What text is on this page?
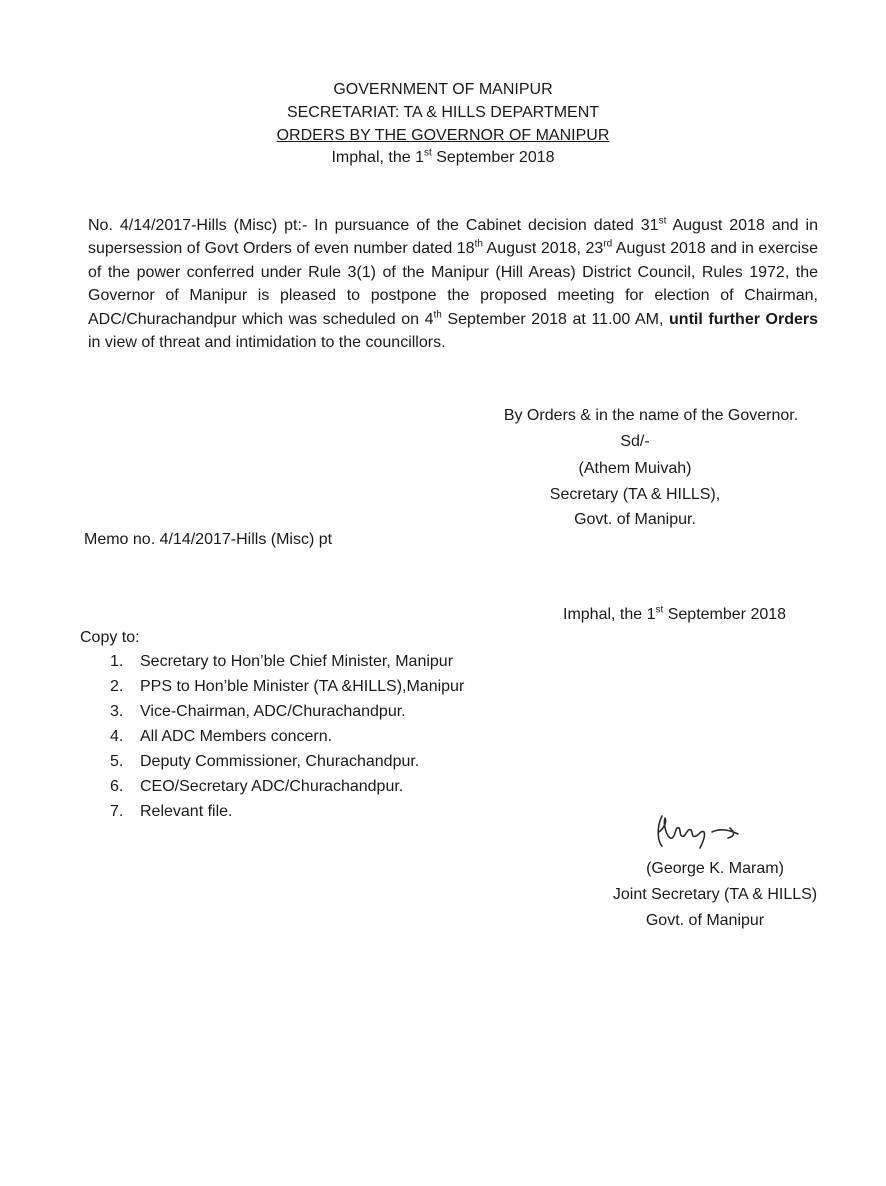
GOVERNMENT OF MANIPUR
SECRETARIAT: TA & HILLS DEPARTMENT
ORDERS BY THE GOVERNOR OF MANIPUR
Imphal, the 1st September 2018
No. 4/14/2017-Hills (Misc) pt:- In pursuance of the Cabinet decision dated 31st August 2018 and in supersession of Govt Orders of even number dated 18th August 2018, 23rd August 2018 and in exercise of the power conferred under Rule 3(1) of the Manipur (Hill Areas) District Council, Rules 1972, the Governor of Manipur is pleased to postpone the proposed meeting for election of Chairman, ADC/Churachandpur which was scheduled on 4th September 2018 at 11.00 AM, until further Orders in view of threat and intimidation to the councillors.
By Orders & in the name of the Governor.
Sd/-
(Athem Muivah)
Secretary (TA & HILLS),
Govt. of Manipur.
Memo no. 4/14/2017-Hills (Misc) pt
Imphal, the 1st September 2018
Copy to:
1. Secretary to Hon’ble Chief Minister, Manipur
2. PPS to Hon’ble Minister (TA &HILLS),Manipur
3. Vice-Chairman, ADC/Churachandpur.
4. All ADC Members concern.
5. Deputy Commissioner, Churachandpur.
6. CEO/Secretary ADC/Churachandpur.
7. Relevant file.
(George K. Maram)
Joint Secretary (TA & HILLS)
Govt. of Manipur
